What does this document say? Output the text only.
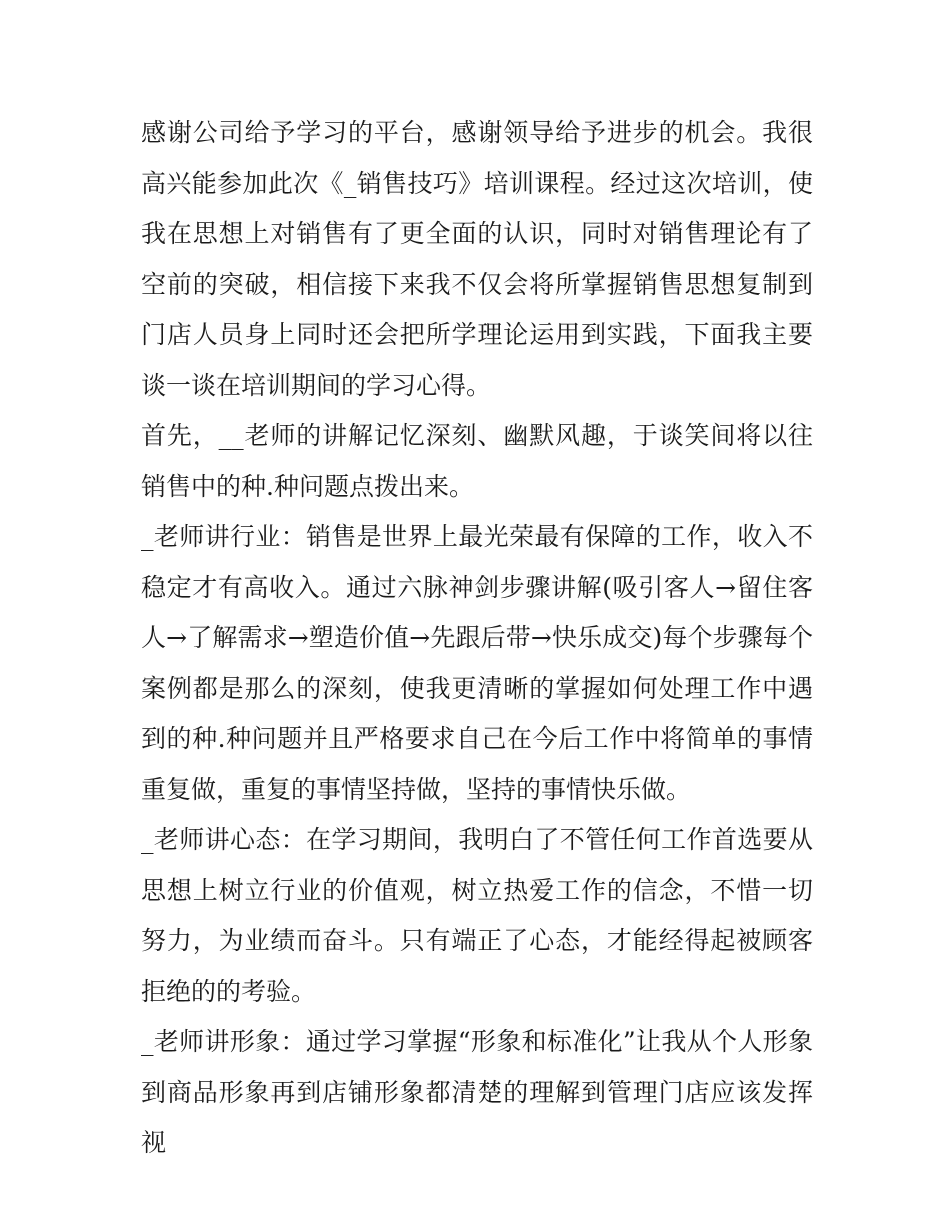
感谢公司给予学习的平台，感谢领导给予进步的机会。我很高兴能参加此次《_销售技巧》培训课程。经过这次培训，使我在思想上对销售有了更全面的认识，同时对销售理论有了空前的突破，相信接下来我不仅会将所掌握销售思想复制到门店人员身上同时还会把所学理论运用到实践，下面我主要谈一谈在培训期间的学习心得。

首先，__老师的讲解记忆深刻、幽默风趣，于谈笑间将以往销售中的种.种问题点拨出来。

_老师讲行业：销售是世界上最光荣最有保障的工作，收入不稳定才有高收入。通过六脉神剑步骤讲解(吸引客人→留住客人→了解需求→塑造价值→先跟后带→快乐成交)每个步骤每个案例都是那么的深刻，使我更清晰的掌握如何处理工作中遇到的种.种问题并且严格要求自己在今后工作中将简单的事情重复做，重复的事情坚持做，坚持的事情快乐做。

_老师讲心态：在学习期间，我明白了不管任何工作首选要从思想上树立行业的价值观，树立热爱工作的信念，不惜一切努力，为业绩而奋斗。只有端正了心态，才能经得起被顾客拒绝的的考验。

_老师讲形象：通过学习掌握“形象和标准化”让我从个人形象到商品形象再到店铺形象都清楚的理解到管理门店应该发挥视
